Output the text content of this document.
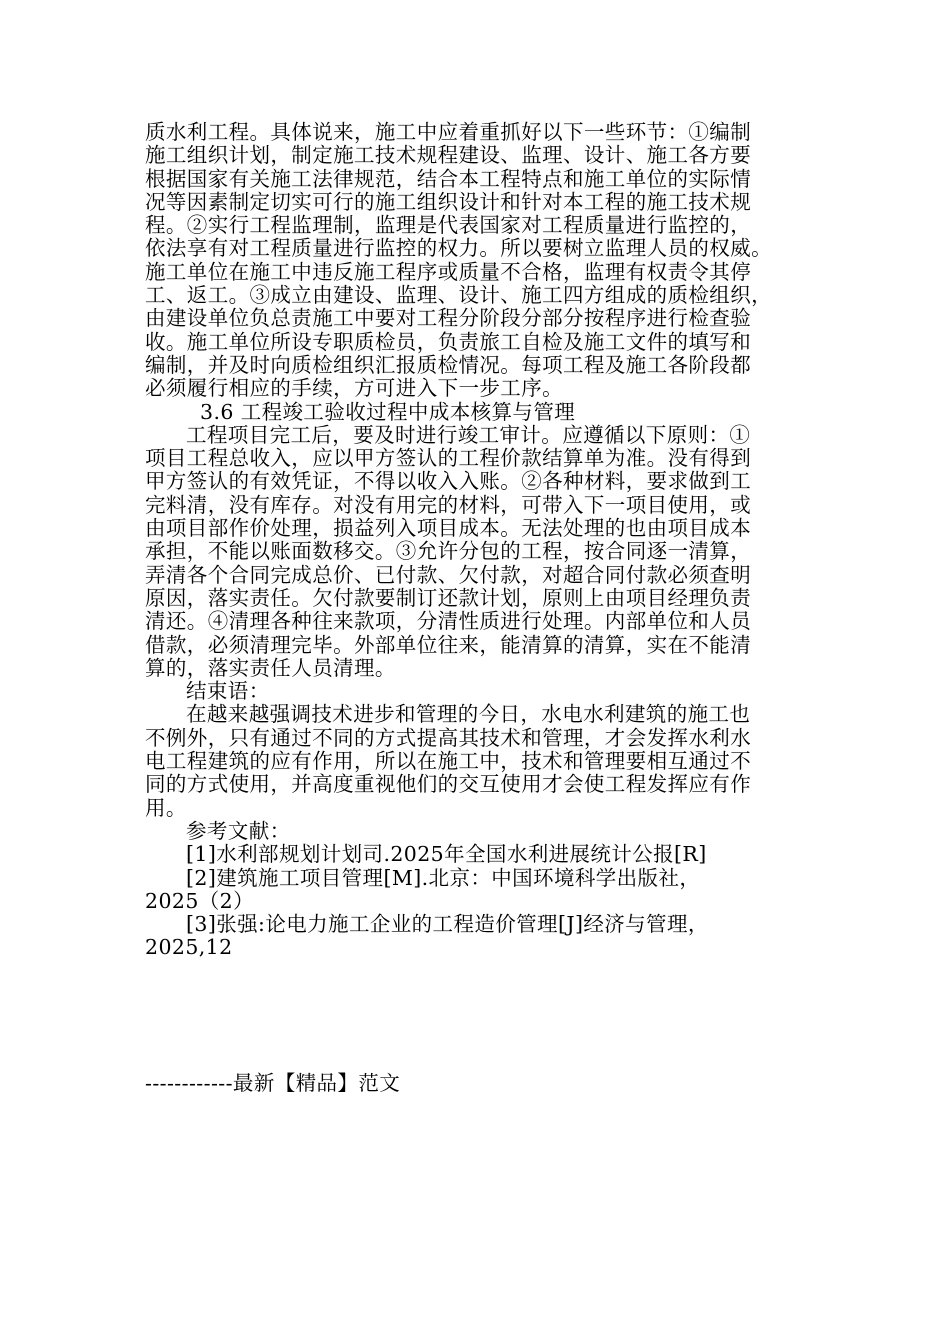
质水利工程。具体说来，施工中应着重抓好以下一些环节：①编制
施工组织计划，制定施工技术规程建设、监理、设计、施工各方要
根据国家有关施工法律规范，结合本工程特点和施工单位的实际情
况等因素制定切实可行的施工组织设计和针对本工程的施工技术规
程。②实行工程监理制，监理是代表国家对工程质量进行监控的，
依法享有对工程质量进行监控的权力。所以要树立监理人员的权威。
施工单位在施工中违反施工程序或质量不合格，监理有权责令其停
工、返工。③成立由建设、监理、设计、施工四方组成的质检组织，
由建设单位负总责施工中要对工程分阶段分部分按程序进行检查验
收。施工单位所设专职质检员，负责旅工自检及施工文件的填写和
编制，并及时向质检组织汇报质检情况。每项工程及施工各阶段都
必须履行相应的手续，方可进入下一步工序。
3.6 工程竣工验收过程中成本核算与管理
工程项目完工后，要及时进行竣工审计。应遵循以下原则：①
项目工程总收入，应以甲方签认的工程价款结算单为准。没有得到
甲方签认的有效凭证，不得以收入入账。②各种材料，要求做到工
完料清，没有库存。对没有用完的材料，可带入下一项目使用，或
由项目部作价处理，损益列入项目成本。无法处理的也由项目成本
承担，不能以账面数移交。③允许分包的工程，按合同逐一清算，
弄清各个合同完成总价、已付款、欠付款，对超合同付款必须查明
原因，落实责任。欠付款要制订还款计划，原则上由项目经理负责
清还。④清理各种往来款项，分清性质进行处理。内部单位和人员
借款，必须清理完毕。外部单位往来，能清算的清算，实在不能清
算的，落实责任人员清理。
结束语：
在越来越强调技术进步和管理的今日，水电水利建筑的施工也
不例外，只有通过不同的方式提高其技术和管理，才会发挥水利水
电工程建筑的应有作用，所以在施工中，技术和管理要相互通过不
同的方式使用，并高度重视他们的交互使用才会使工程发挥应有作
用。
参考文献：
[1]水利部规划计划司.2025年全国水利进展统计公报[R]
[2]建筑施工项目管理[M].北京：中国环境科学出版社，
2025（2）
[3]张强:论电力施工企业的工程造价管理[J]经济与管理，
2025,12
------------最新【精品】范文
